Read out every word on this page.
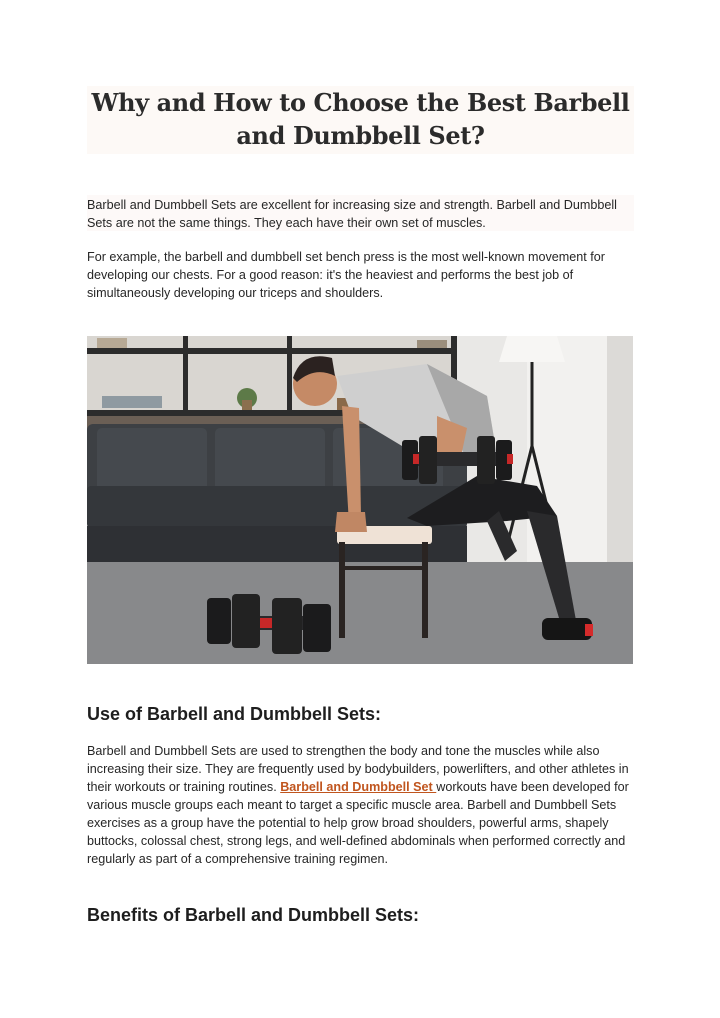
Why and How to Choose the Best Barbell and Dumbbell Set?

Barbell and Dumbbell Sets are excellent for increasing size and strength. Barbell and Dumbbell Sets are not the same things. They each have their own set of muscles.

For example, the barbell and dumbbell set bench press is the most well-known movement for developing our chests. For a good reason: it's the heaviest and performs the best job of simultaneously developing our triceps and shoulders.

Use of Barbell and Dumbbell Sets:

Barbell and Dumbbell Sets are used to strengthen the body and tone the muscles while also increasing their size. They are frequently used by bodybuilders, powerlifters, and other athletes in their workouts or training routines. Barbell and Dumbbell Set workouts have been developed for various muscle groups each meant to target a specific muscle area. Barbell and Dumbbell Sets exercises as a group have the potential to help grow broad shoulders, powerful arms, shapely buttocks, colossal chest, strong legs, and well-defined abdominals when performed correctly and regularly as part of a comprehensive training regimen.

Benefits of Barbell and Dumbbell Sets:
